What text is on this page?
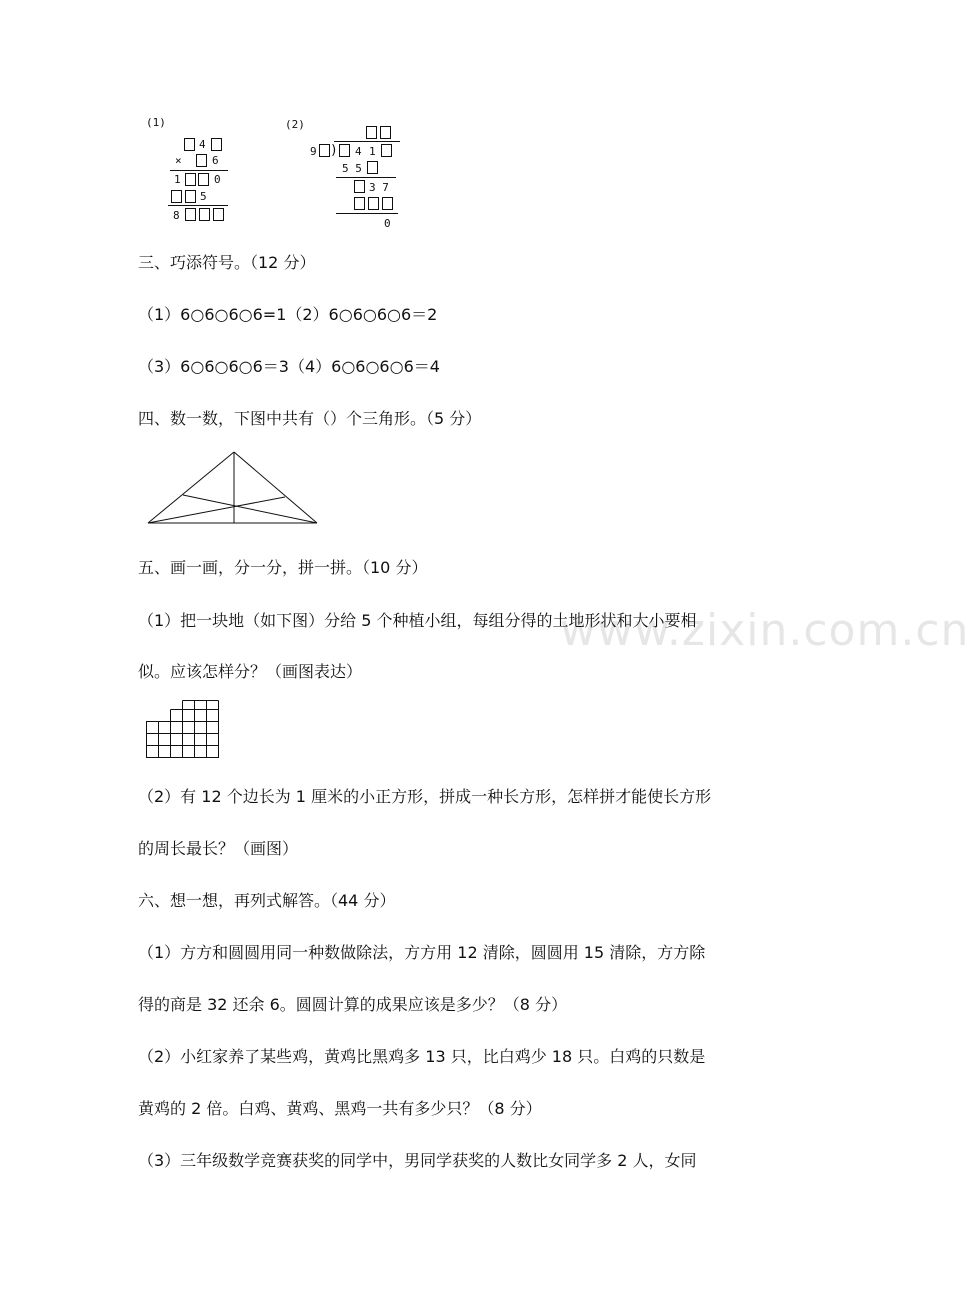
www.zixin.com.cn
(1)
4
×	6
1	0
5
8
(2)
9 ) 4 1
5 5
3 7
0
三、巧添符号。（12 分）
（1）6○6○6○6=1（2）6○6○6○6＝2
（3）6○6○6○6＝3（4）6○6○6○6＝4
四、数一数，下图中共有（）个三角形。（5 分）
五、画一画，分一分，拼一拼。（10 分）
（1）把一块地（如下图）分给 5 个种植小组，每组分得的土地形状和大小要相
似。应该怎样分？（画图表达）
（2）有 12 个边长为 1 厘米的小正方形，拼成一种长方形，怎样拼才能使长方形
的周长最长？（画图）
六、想一想，再列式解答。（44 分）
（1）方方和圆圆用同一种数做除法，方方用 12 清除，圆圆用 15 清除，方方除
得的商是 32 还余 6。圆圆计算的成果应该是多少？（8 分）
（2）小红家养了某些鸡，黄鸡比黑鸡多 13 只，比白鸡少 18 只。白鸡的只数是
黄鸡的 2 倍。白鸡、黄鸡、黑鸡一共有多少只？（8 分）
（3）三年级数学竞赛获奖的同学中，男同学获奖的人数比女同学多 2 人，女同
